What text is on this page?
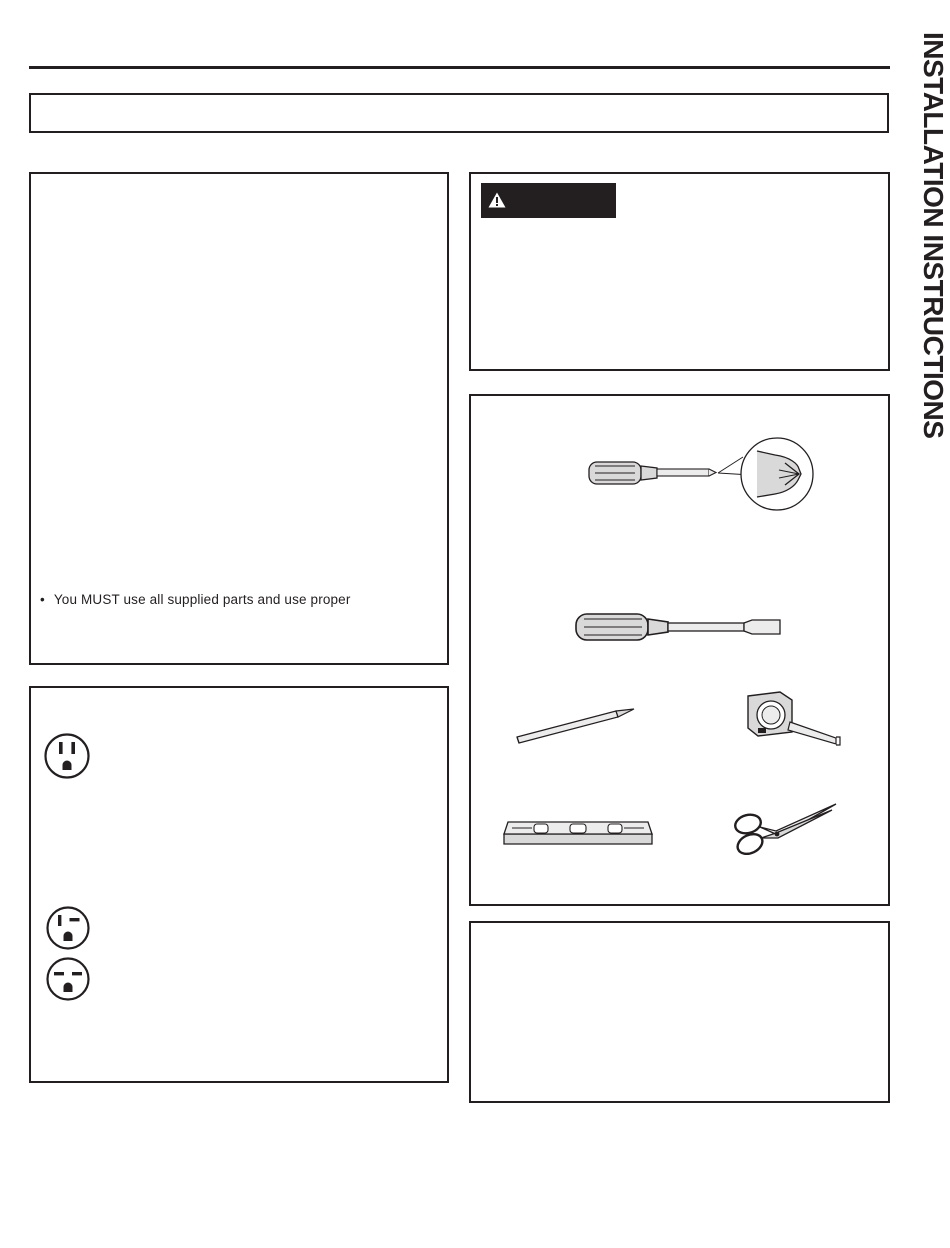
INSTALLATION INSTRUCTIONS
• You MUST use all supplied parts and use proper
